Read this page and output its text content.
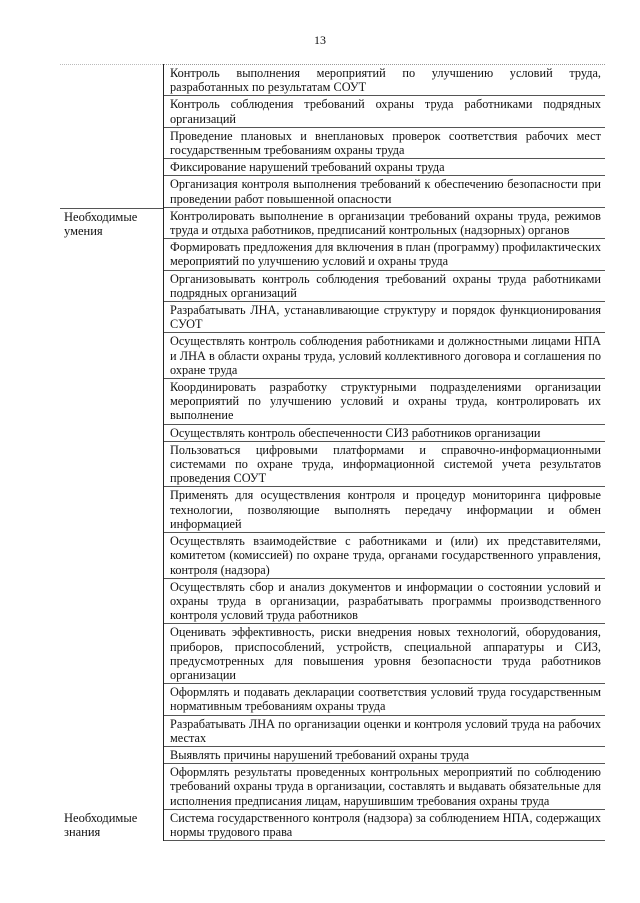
13
Контроль выполнения мероприятий по улучшению условий труда, разработанных по результатам СОУТ
Контроль соблюдения требований охраны труда работниками подрядных организаций
Проведение плановых и внеплановых проверок соответствия рабочих мест государственным требованиям охраны труда
Фиксирование нарушений требований охраны труда
Организация контроля выполнения требований к обеспечению безопасности при проведении работ повышенной опасности
Необходимые умения
Контролировать выполнение в организации требований охраны труда, режимов труда и отдыха работников, предписаний контрольных (надзорных) органов
Формировать предложения для включения в план (программу) профилактических мероприятий по улучшению условий и охраны труда
Организовывать контроль соблюдения требований охраны труда работниками подрядных организаций
Разрабатывать ЛНА, устанавливающие структуру и порядок функционирования СУОТ
Осуществлять контроль соблюдения работниками и должностными лицами НПА и ЛНА в области охраны труда, условий коллективного договора и соглашения по охране труда
Координировать разработку структурными подразделениями организации мероприятий по улучшению условий и охраны труда, контролировать их выполнение
Осуществлять контроль обеспеченности СИЗ работников организации
Пользоваться цифровыми платформами и справочно-информационными системами по охране труда, информационной системой учета результатов проведения СОУТ
Применять для осуществления контроля и процедур мониторинга цифровые технологии, позволяющие выполнять передачу информации и обмен информацией
Осуществлять взаимодействие с работниками и (или) их представителями, комитетом (комиссией) по охране труда, органами государственного управления, контроля (надзора)
Осуществлять сбор и анализ документов и информации о состоянии условий и охраны труда в организации, разрабатывать программы производственного контроля условий труда работников
Оценивать эффективность, риски внедрения новых технологий, оборудования, приборов, приспособлений, устройств, специальной аппаратуры и СИЗ, предусмотренных для повышения уровня безопасности труда работников организации
Оформлять и подавать декларации соответствия условий труда государственным нормативным требованиям охраны труда
Разрабатывать ЛНА по организации оценки и контроля условий труда на рабочих местах
Выявлять причины нарушений требований охраны труда
Оформлять результаты проведенных контрольных мероприятий по соблюдению требований охраны труда в организации, составлять и выдавать обязательные для исполнения предписания лицам, нарушившим требования охраны труда
Необходимые знания
Система государственного контроля (надзора) за соблюдением НПА, содержащих нормы трудового права
